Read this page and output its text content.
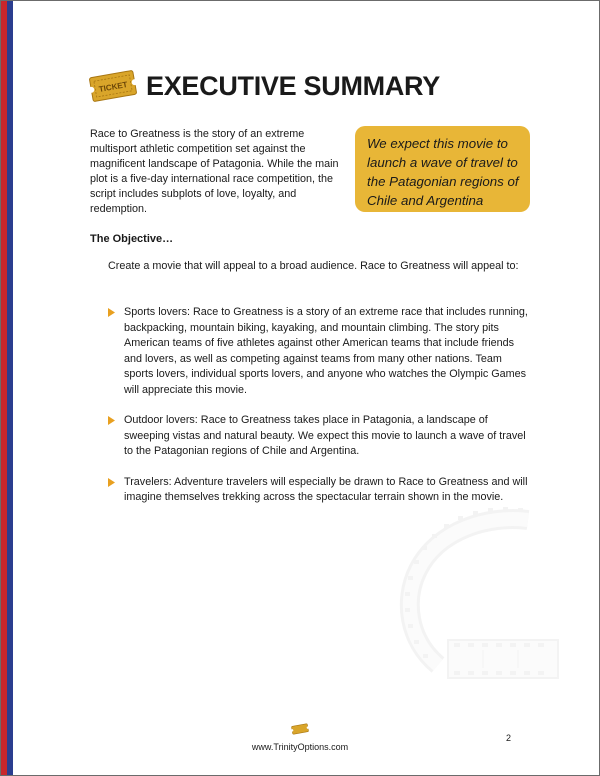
TICKET EXECUTIVE SUMMARY
Race to Greatness is the story of an extreme multisport athletic competition set against the magnificent landscape of Patagonia. While the main plot is a five-day international race competition, the script includes subplots of love, loyalty, and redemption.

We expect this movie to launch a wave of travel to the Patagonian regions of Chile and Argentina

The Objective…
Create a movie that will appeal to a broad audience. Race to Greatness will appeal to:
Sports lovers: Race to Greatness is a story of an extreme race that includes running, backpacking, mountain biking, kayaking, and mountain climbing. The story pits American teams of five athletes against other American teams that include friends and lovers, as well as competing against teams from many other nations. Team sports lovers, individual sports lovers, and anyone who watches the Olympic Games will appreciate this movie.
Outdoor lovers: Race to Greatness takes place in Patagonia, a landscape of sweeping vistas and natural beauty. We expect this movie to launch a wave of travel to the Patagonian regions of Chile and Argentina.
Travelers: Adventure travelers will especially be drawn to Race to Greatness and will imagine themselves trekking across the spectacular terrain shown in the movie.
www.TrinityOptions.com
2
